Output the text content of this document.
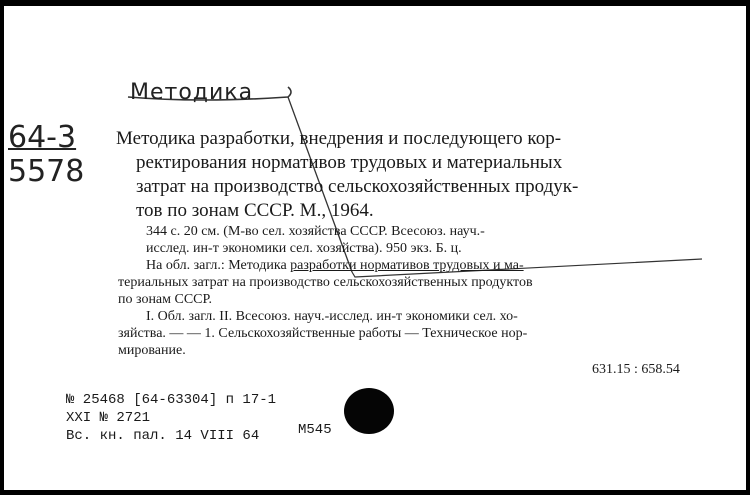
Методика
64-3
5578
Методика разработки, внедрения и последующего кор-
ректирования нормативов трудовых и материальных
затрат на производство сельскохозяйственных продук-
тов по зонам СССР. М., 1964.
344 с. 20 см. (М-во сел. хозяйства СССР. Всесоюз. науч.-
исслед. ин-т экономики сел. хозяйства). 950 экз. Б. ц.
На обл. загл.: Методика разработки нормативов трудовых и ма-
териальных затрат на производство сельскохозяйственных продуктов
по зонам СССР.
I. Обл. загл. II. Всесоюз. науч.-исслед. ин-т экономики сел. хо-
зяйства. — — 1. Сельскохозяйственные работы — Техническое нор-
мирование.
631.15 : 658.54
№ 25468 [64-63304] п 17-1
XXI № 2721
Вс. кн. пал. 14 VIII 64	М545
